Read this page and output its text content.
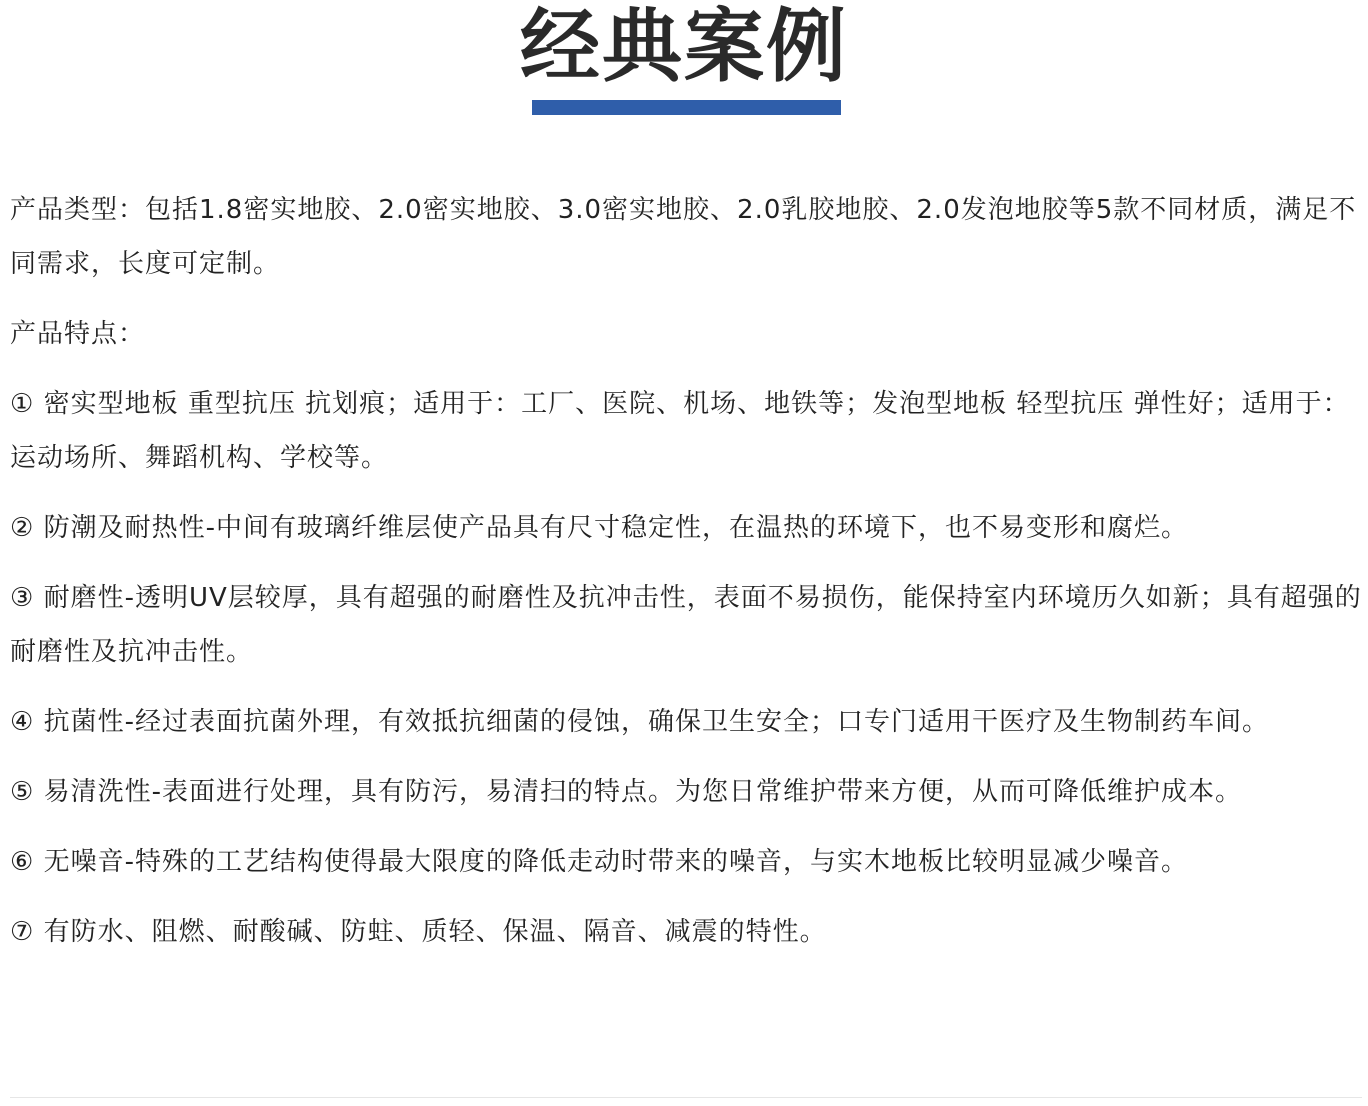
经典案例

产品类型：包括1.8密实地胶、2.0密实地胶、3.0密实地胶、2.0乳胶地胶、2.0发泡地胶等5款不同材质，满足不同需求，长度可定制。

产品特点：

① 密实型地板 重型抗压 抗划痕；适用于：工厂、医院、机场、地铁等；发泡型地板 轻型抗压 弹性好；适用于：运动场所、舞蹈机构、学校等。

② 防潮及耐热性-中间有玻璃纤维层使产品具有尺寸稳定性，在温热的环境下，也不易变形和腐烂。

③ 耐磨性-透明UV层较厚，具有超强的耐磨性及抗冲击性，表面不易损伤，能保持室内环境历久如新；具有超强的耐磨性及抗冲击性。

④ 抗菌性-经过表面抗菌外理，有效抵抗细菌的侵蚀，确保卫生安全；口专门适用干医疗及生物制药车间。

⑤ 易清洗性-表面进行处理，具有防污，易清扫的特点。为您日常维护带来方便，从而可降低维护成本。

⑥ 无噪音-特殊的工艺结构使得最大限度的降低走动时带来的噪音，与实木地板比较明显减少噪音。

⑦ 有防水、阻燃、耐酸碱、防蛀、质轻、保温、隔音、减震的特性。
